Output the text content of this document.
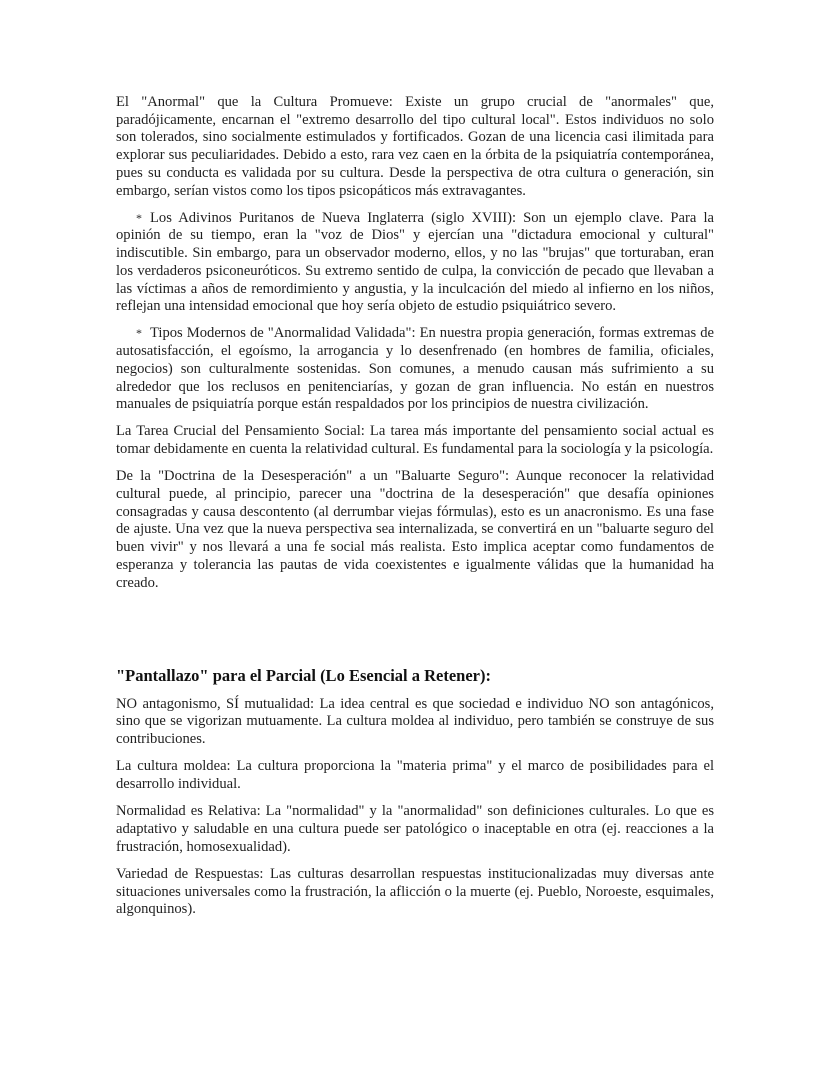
El "Anormal" que la Cultura Promueve: Existe un grupo crucial de "anormales" que, paradójicamente, encarnan el "extremo desarrollo del tipo cultural local". Estos individuos no solo son tolerados, sino socialmente estimulados y fortificados. Gozan de una licencia casi ilimitada para explorar sus peculiaridades. Debido a esto, rara vez caen en la órbita de la psiquiatría contemporánea, pues su conducta es validada por su cultura. Desde la perspectiva de otra cultura o generación, sin embargo, serían vistos como los tipos psicopáticos más extravagantes.

* Los Adivinos Puritanos de Nueva Inglaterra (siglo XVIII): Son un ejemplo clave. Para la opinión de su tiempo, eran la "voz de Dios" y ejercían una "dictadura emocional y cultural" indiscutible. Sin embargo, para un observador moderno, ellos, y no las "brujas" que torturaban, eran los verdaderos psiconeuróticos. Su extremo sentido de culpa, la convicción de pecado que llevaban a las víctimas a años de remordimiento y angustia, y la inculcación del miedo al infierno en los niños, reflejan una intensidad emocional que hoy sería objeto de estudio psiquiátrico severo.

* Tipos Modernos de "Anormalidad Validada": En nuestra propia generación, formas extremas de autosatisfacción, el egoísmo, la arrogancia y lo desenfrenado (en hombres de familia, oficiales, negocios) son culturalmente sostenidas. Son comunes, a menudo causan más sufrimiento a su alrededor que los reclusos en penitenciarías, y gozan de gran influencia. No están en nuestros manuales de psiquiatría porque están respaldados por los principios de nuestra civilización.

La Tarea Crucial del Pensamiento Social: La tarea más importante del pensamiento social actual es tomar debidamente en cuenta la relatividad cultural. Es fundamental para la sociología y la psicología.

De la "Doctrina de la Desesperación" a un "Baluarte Seguro": Aunque reconocer la relatividad cultural puede, al principio, parecer una "doctrina de la desesperación" que desafía opiniones consagradas y causa descontento (al derrumbar viejas fórmulas), esto es un anacronismo. Es una fase de ajuste. Una vez que la nueva perspectiva sea internalizada, se convertirá en un "baluarte seguro del buen vivir" y nos llevará a una fe social más realista. Esto implica aceptar como fundamentos de esperanza y tolerancia las pautas de vida coexistentes e igualmente válidas que la humanidad ha creado.

"Pantallazo" para el Parcial (Lo Esencial a Retener):

NO antagonismo, SÍ mutualidad: La idea central es que sociedad e individuo NO son antagónicos, sino que se vigorizan mutuamente. La cultura moldea al individuo, pero también se construye de sus contribuciones.

La cultura moldea: La cultura proporciona la "materia prima" y el marco de posibilidades para el desarrollo individual.

Normalidad es Relativa: La "normalidad" y la "anormalidad" son definiciones culturales. Lo que es adaptativo y saludable en una cultura puede ser patológico o inaceptable en otra (ej. reacciones a la frustración, homosexualidad).

Variedad de Respuestas: Las culturas desarrollan respuestas institucionalizadas muy diversas ante situaciones universales como la frustración, la aflicción o la muerte (ej. Pueblo, Noroeste, esquimales, algonquinos).
